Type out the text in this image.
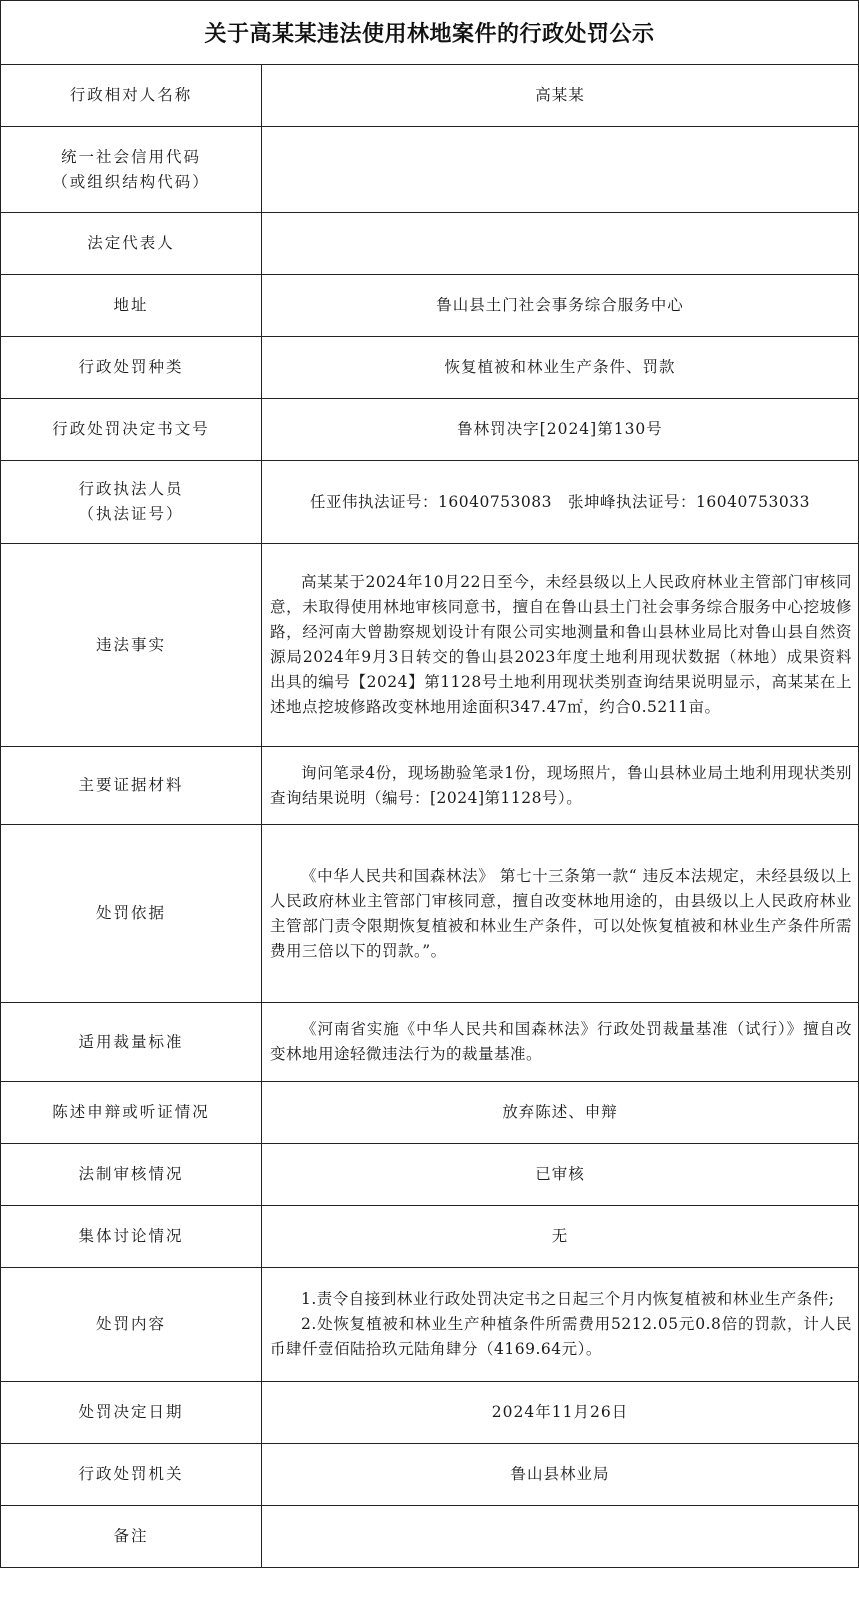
关于高某某违法使用林地案件的行政处罚公示
行政相对人名称	高某某

统一社会信用代码
（或组织结构代码）	

法定代表人	
地址	鲁山县土门社会事务综合服务中心
行政处罚种类	恢复植被和林业生产条件、罚款
行政处罚决定书文号	鲁林罚决字[2024]第130号

行政执法人员
（执法证号）	任亚伟执法证号：16040753083　张坤峰执法证号：16040753033
违法事实	高某某于2024年10月22日至今，未经县级以上人民政府林业主管部门审核同意，未取得使用林地审核同意书，擅自在鲁山县土门社会事务综合服务中心挖坡修路，经河南大曾勘察规划设计有限公司实地测量和鲁山县林业局比对鲁山县自然资源局2024年9月3日转交的鲁山县2023年度土地利用现状数据（林地）成果资料出具的编号【2024】第1128号土地利用现状类别查询结果说明显示，高某某在上述地点挖坡修路改变林地用途面积347.47㎡，约合0.5211亩。

主要证据材料	询问笔录4份，现场勘验笔录1份，现场照片，鲁山县林业局土地利用现状类别查询结果说明（编号：[2024]第1128号）。

处罚依据	《中华人民共和国森林法》 第七十三条第一款“ 违反本法规定，未经县级以上人民政府林业主管部门审核同意，擅自改变林地用途的，由县级以上人民政府林业主管部门责令限期恢复植被和林业生产条件，可以处恢复植被和林业生产条件所需费用三倍以下的罚款。”。

适用裁量标准	《河南省实施《中华人民共和国森林法》行政处罚裁量基准（试行）》擅自改变林地用途轻微违法行为的裁量基准。

陈述申辩或听证情况	放弃陈述、申辩
法制审核情况	已审核
集体讨论情况	无
处罚内容	1.责令自接到林业行政处罚决定书之日起三个月内恢复植被和林业生产条件;
2.处恢复植被和林业生产种植条件所需费用5212.05元0.8倍的罚款，计人民币肆仟壹佰陆拾玖元陆角肆分（4169.64元）。

处罚决定日期	2024年11月26日
行政处罚机关	鲁山县林业局
备注	
